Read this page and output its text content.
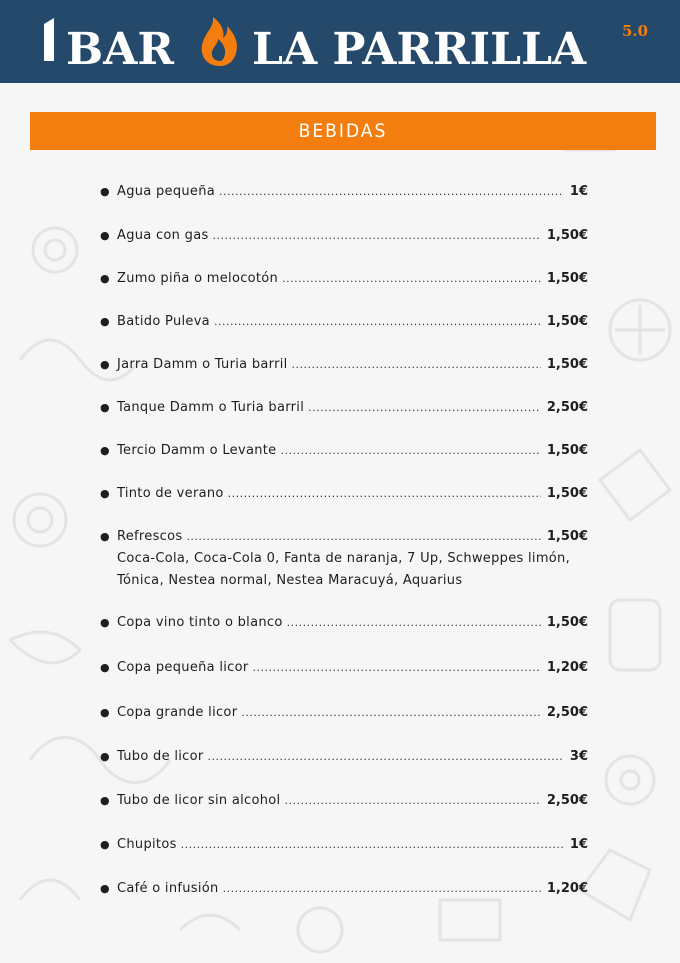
BAR LA PARRILLA 5.0
BEBIDAS
● Agua pequeña .....	1€
● Agua con gas .....	1,50€
● Zumo piña o melocotón .....	1,50€
● Batido Puleva .....	1,50€
● Jarra Damm o Turia barril .....	1,50€
● Tanque Damm o Turia barril .....	2,50€
● Tercio Damm o Levante .....	1,50€
● Tinto de verano .....	1,50€
● Refrescos .....	1,50€
Coca-Cola, Coca-Cola 0, Fanta de naranja, 7 Up, Schweppes limón,
Tónica, Nestea normal, Nestea Maracuyá, Aquarius
● Copa vino tinto o blanco .....	1,50€
● Copa pequeña licor .....	1,20€
● Copa grande licor .....	2,50€
● Tubo de licor .....	3€
● Tubo de licor sin alcohol .....	2,50€
● Chupitos .....	1€
● Café o infusión .....	1,20€
